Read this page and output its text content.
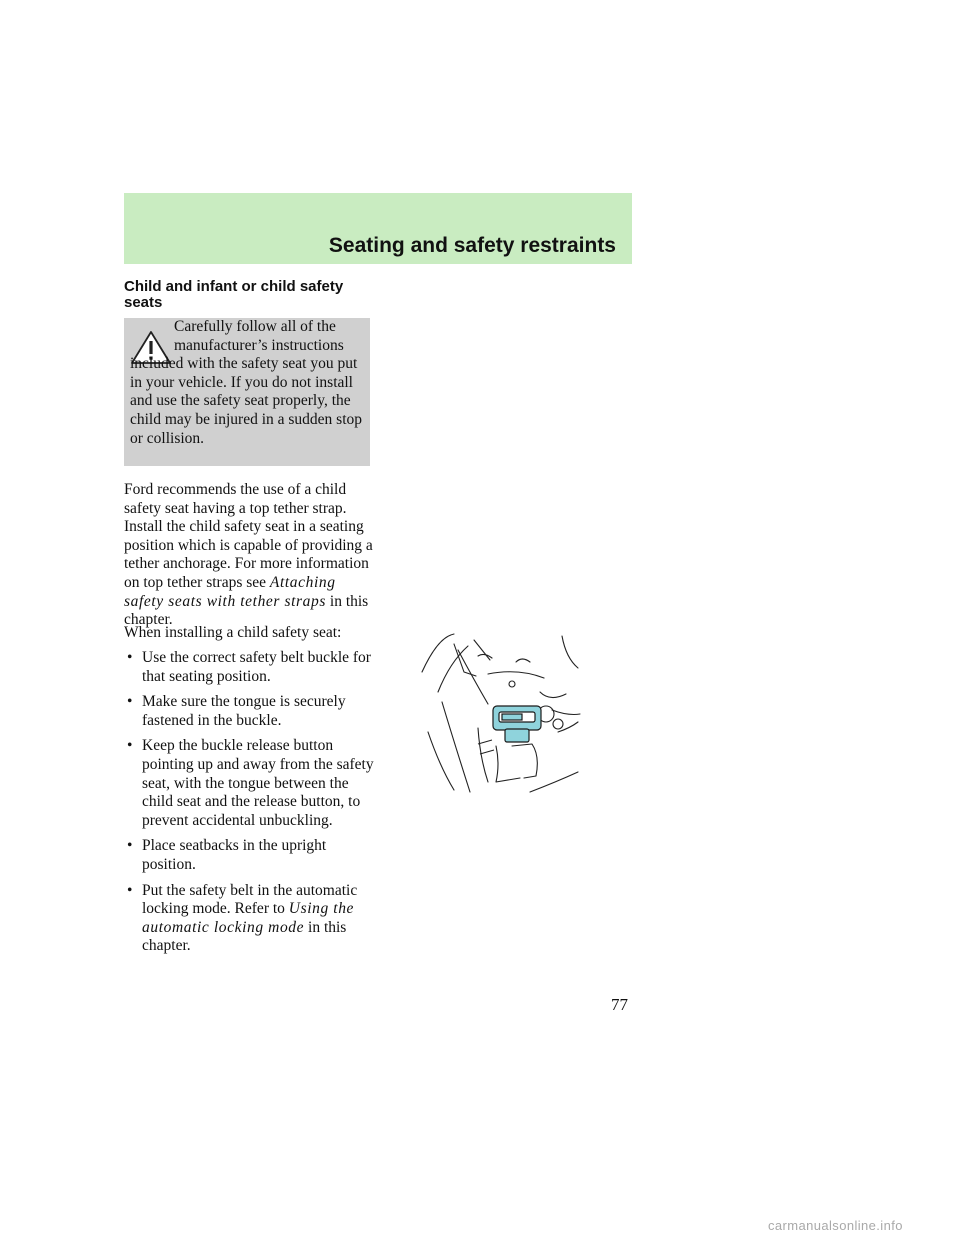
Seating and safety restraints
Child and infant or child safety seats
Carefully follow all of the manufacturer’s instructions included with the safety seat you put in your vehicle. If you do not install and use the safety seat properly, the child may be injured in a sudden stop or collision.
Ford recommends the use of a child safety seat having a top tether strap. Install the child safety seat in a seating position which is capable of providing a tether anchorage. For more information on top tether straps see Attaching safety seats with tether straps in this chapter.
When installing a child safety seat:
• Use the correct safety belt buckle for that seating position.
• Make sure the tongue is securely fastened in the buckle.
• Keep the buckle release button pointing up and away from the safety seat, with the tongue between the child seat and the release button, to prevent accidental unbuckling.
• Place seatbacks in the upright position.
• Put the safety belt in the automatic locking mode. Refer to Using the automatic locking mode in this chapter.
77
carmanualsonline.info
